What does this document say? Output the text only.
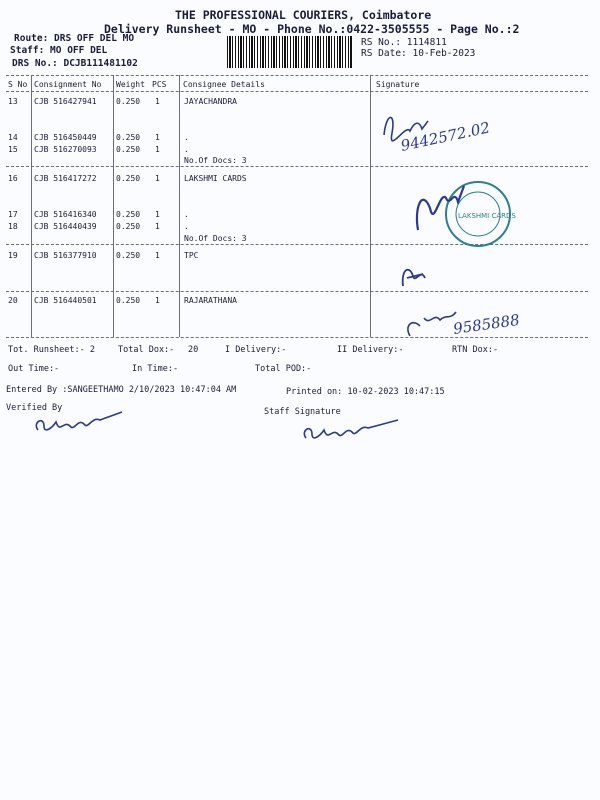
THE PROFESSIONAL COURIERS, Coimbatore
Delivery Runsheet - MO - Phone No.:0422-3505555 - Page No.:2
Route: DRS OFF DEL MO
Staff: MO OFF DEL
DRS No.: DCJB111481102
RS No.: 1114811
RS Date: 10-Feb-2023
S No Consignment No Weight PCS Consignee Details	Signature
13 CJB 516427941 0.250 1	JAYACHANDRA
14 CJB 516450449 0.250 1	.
15 CJB 516270093 0.250 1	.
No.Of Docs: 3
16 CJB 516417272 0.250 1	LAKSHMI CARDS
17 CJB 516416340 0.250 1	.
18 CJB 516440439 0.250 1	.
No.Of Docs: 3
19 CJB 516377910 0.250 1	TPC
20 CJB 516440501 0.250 1	RAJARATHANA
9442572.02
LAKSHMI CARDS
9585888
Tot. Runsheet:- 2	Total Dox:- 20	I Delivery:-	II Delivery:-	RTN Dox:-
Out Time:-	In Time:-	Total POD:-
Entered By :SANGEETHAMO 2/10/2023 10:47:04 AM	Printed on: 10-02-2023 10:47:15
Verified By	Staff Signature
